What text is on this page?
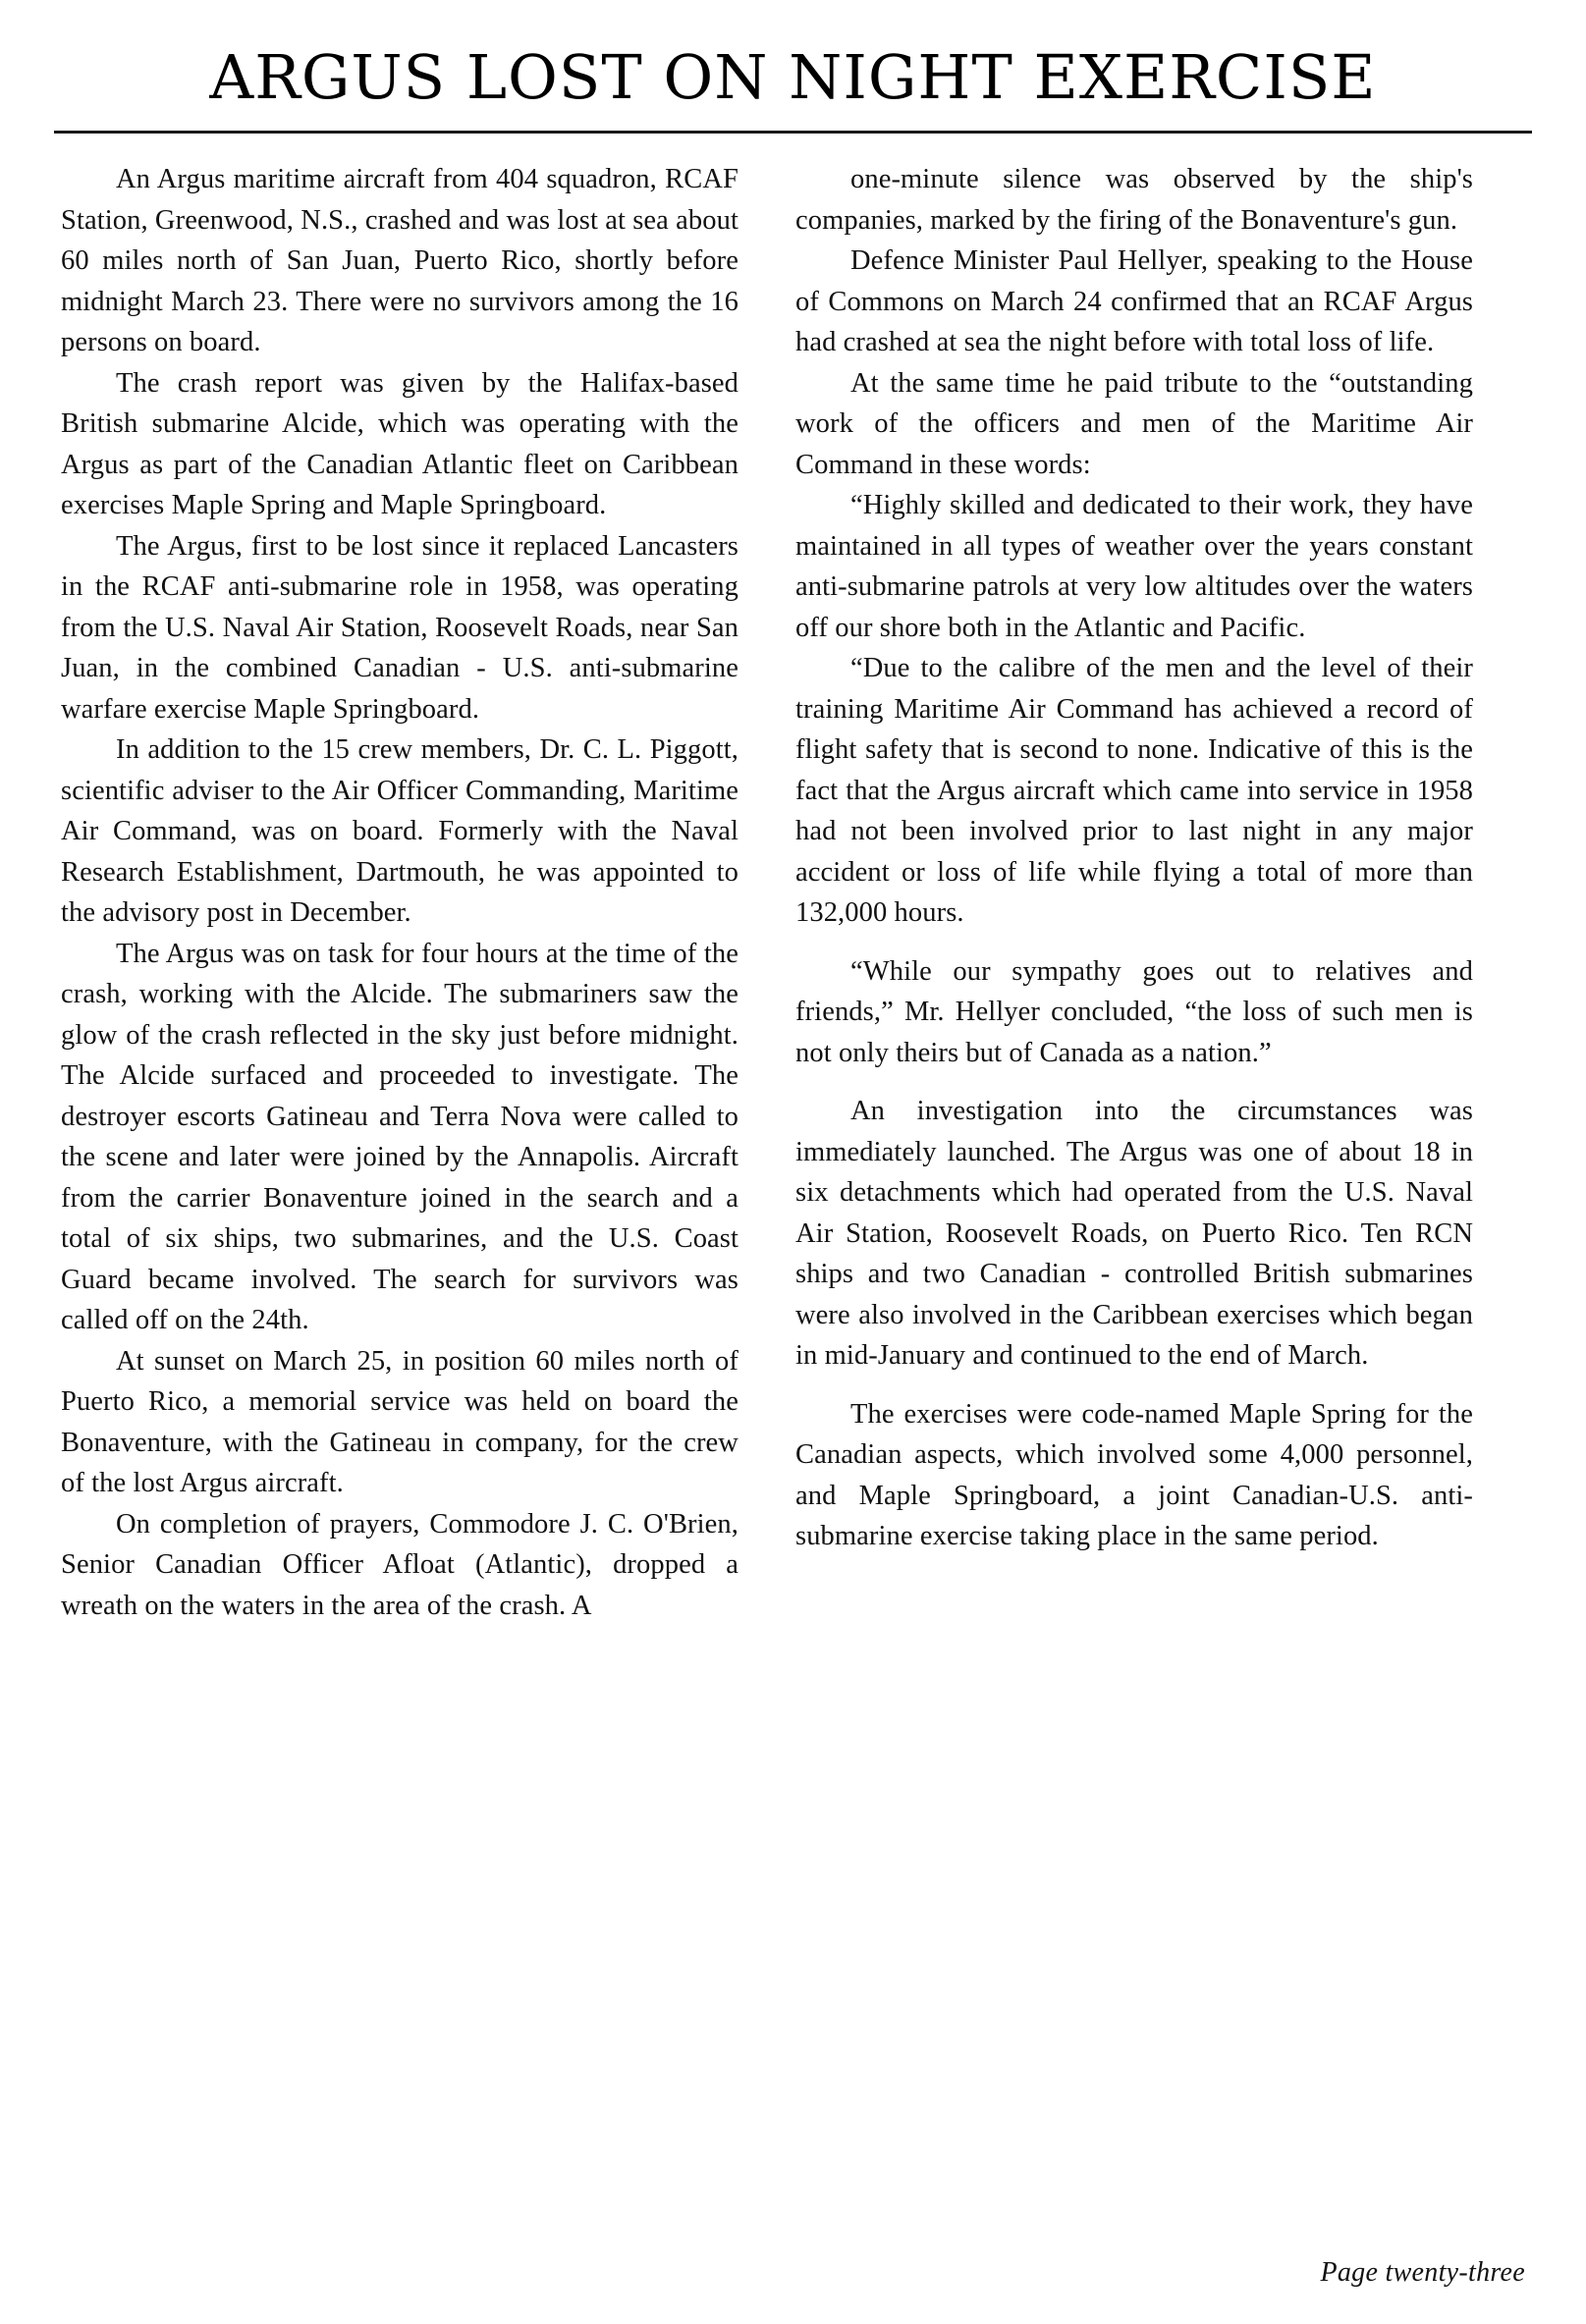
ARGUS LOST ON NIGHT EXERCISE

An Argus maritime aircraft from 404 squadron, RCAF Station, Greenwood, N.S., crashed and was lost at sea about 60 miles north of San Juan, Puerto Rico, shortly before midnight March 23. There were no survivors among the 16 persons on board.

The crash report was given by the Halifax-based British submarine Alcide, which was operating with the Argus as part of the Canadian Atlantic fleet on Caribbean exercises Maple Spring and Maple Springboard.

The Argus, first to be lost since it replaced Lancasters in the RCAF anti-submarine role in 1958, was operating from the U.S. Naval Air Station, Roosevelt Roads, near San Juan, in the combined Canadian - U.S. anti-submarine warfare exercise Maple Springboard.

In addition to the 15 crew members, Dr. C. L. Piggott, scientific adviser to the Air Officer Commanding, Maritime Air Command, was on board. Formerly with the Naval Research Establishment, Dartmouth, he was appointed to the advisory post in December.

The Argus was on task for four hours at the time of the crash, working with the Alcide. The submariners saw the glow of the crash reflected in the sky just before midnight. The Alcide surfaced and proceeded to investigate. The destroyer escorts Gatineau and Terra Nova were called to the scene and later were joined by the Annapolis. Aircraft from the carrier Bonaventure joined in the search and a total of six ships, two submarines, and the U.S. Coast Guard became involved. The search for survivors was called off on the 24th.

At sunset on March 25, in position 60 miles north of Puerto Rico, a memorial service was held on board the Bonaventure, with the Gatineau in company, for the crew of the lost Argus aircraft.

On completion of prayers, Commodore J. C. O'Brien, Senior Canadian Officer Afloat (Atlantic), dropped a wreath on the waters in the area of the crash. A

one-minute silence was observed by the ship's companies, marked by the firing of the Bonaventure's gun.

Defence Minister Paul Hellyer, speaking to the House of Commons on March 24 confirmed that an RCAF Argus had crashed at sea the night before with total loss of life.

At the same time he paid tribute to the “outstanding work of the officers and men of the Maritime Air Command in these words:

“Highly skilled and dedicated to their work, they have maintained in all types of weather over the years constant anti-submarine patrols at very low altitudes over the waters off our shore both in the Atlantic and Pacific.

“Due to the calibre of the men and the level of their training Maritime Air Command has achieved a record of flight safety that is second to none. Indicative of this is the fact that the Argus aircraft which came into service in 1958 had not been involved prior to last night in any major accident or loss of life while flying a total of more than 132,000 hours.

“While our sympathy goes out to relatives and friends,” Mr. Hellyer concluded, “the loss of such men is not only theirs but of Canada as a nation.”

An investigation into the circumstances was immediately launched. The Argus was one of about 18 in six detachments which had operated from the U.S. Naval Air Station, Roosevelt Roads, on Puerto Rico. Ten RCN ships and two Canadian - controlled British submarines were also involved in the Caribbean exercises which began in mid-January and continued to the end of March.

The exercises were code-named Maple Spring for the Canadian aspects, which involved some 4,000 personnel, and Maple Springboard, a joint Canadian-U.S. anti-submarine exercise taking place in the same period.

Page twenty-three
